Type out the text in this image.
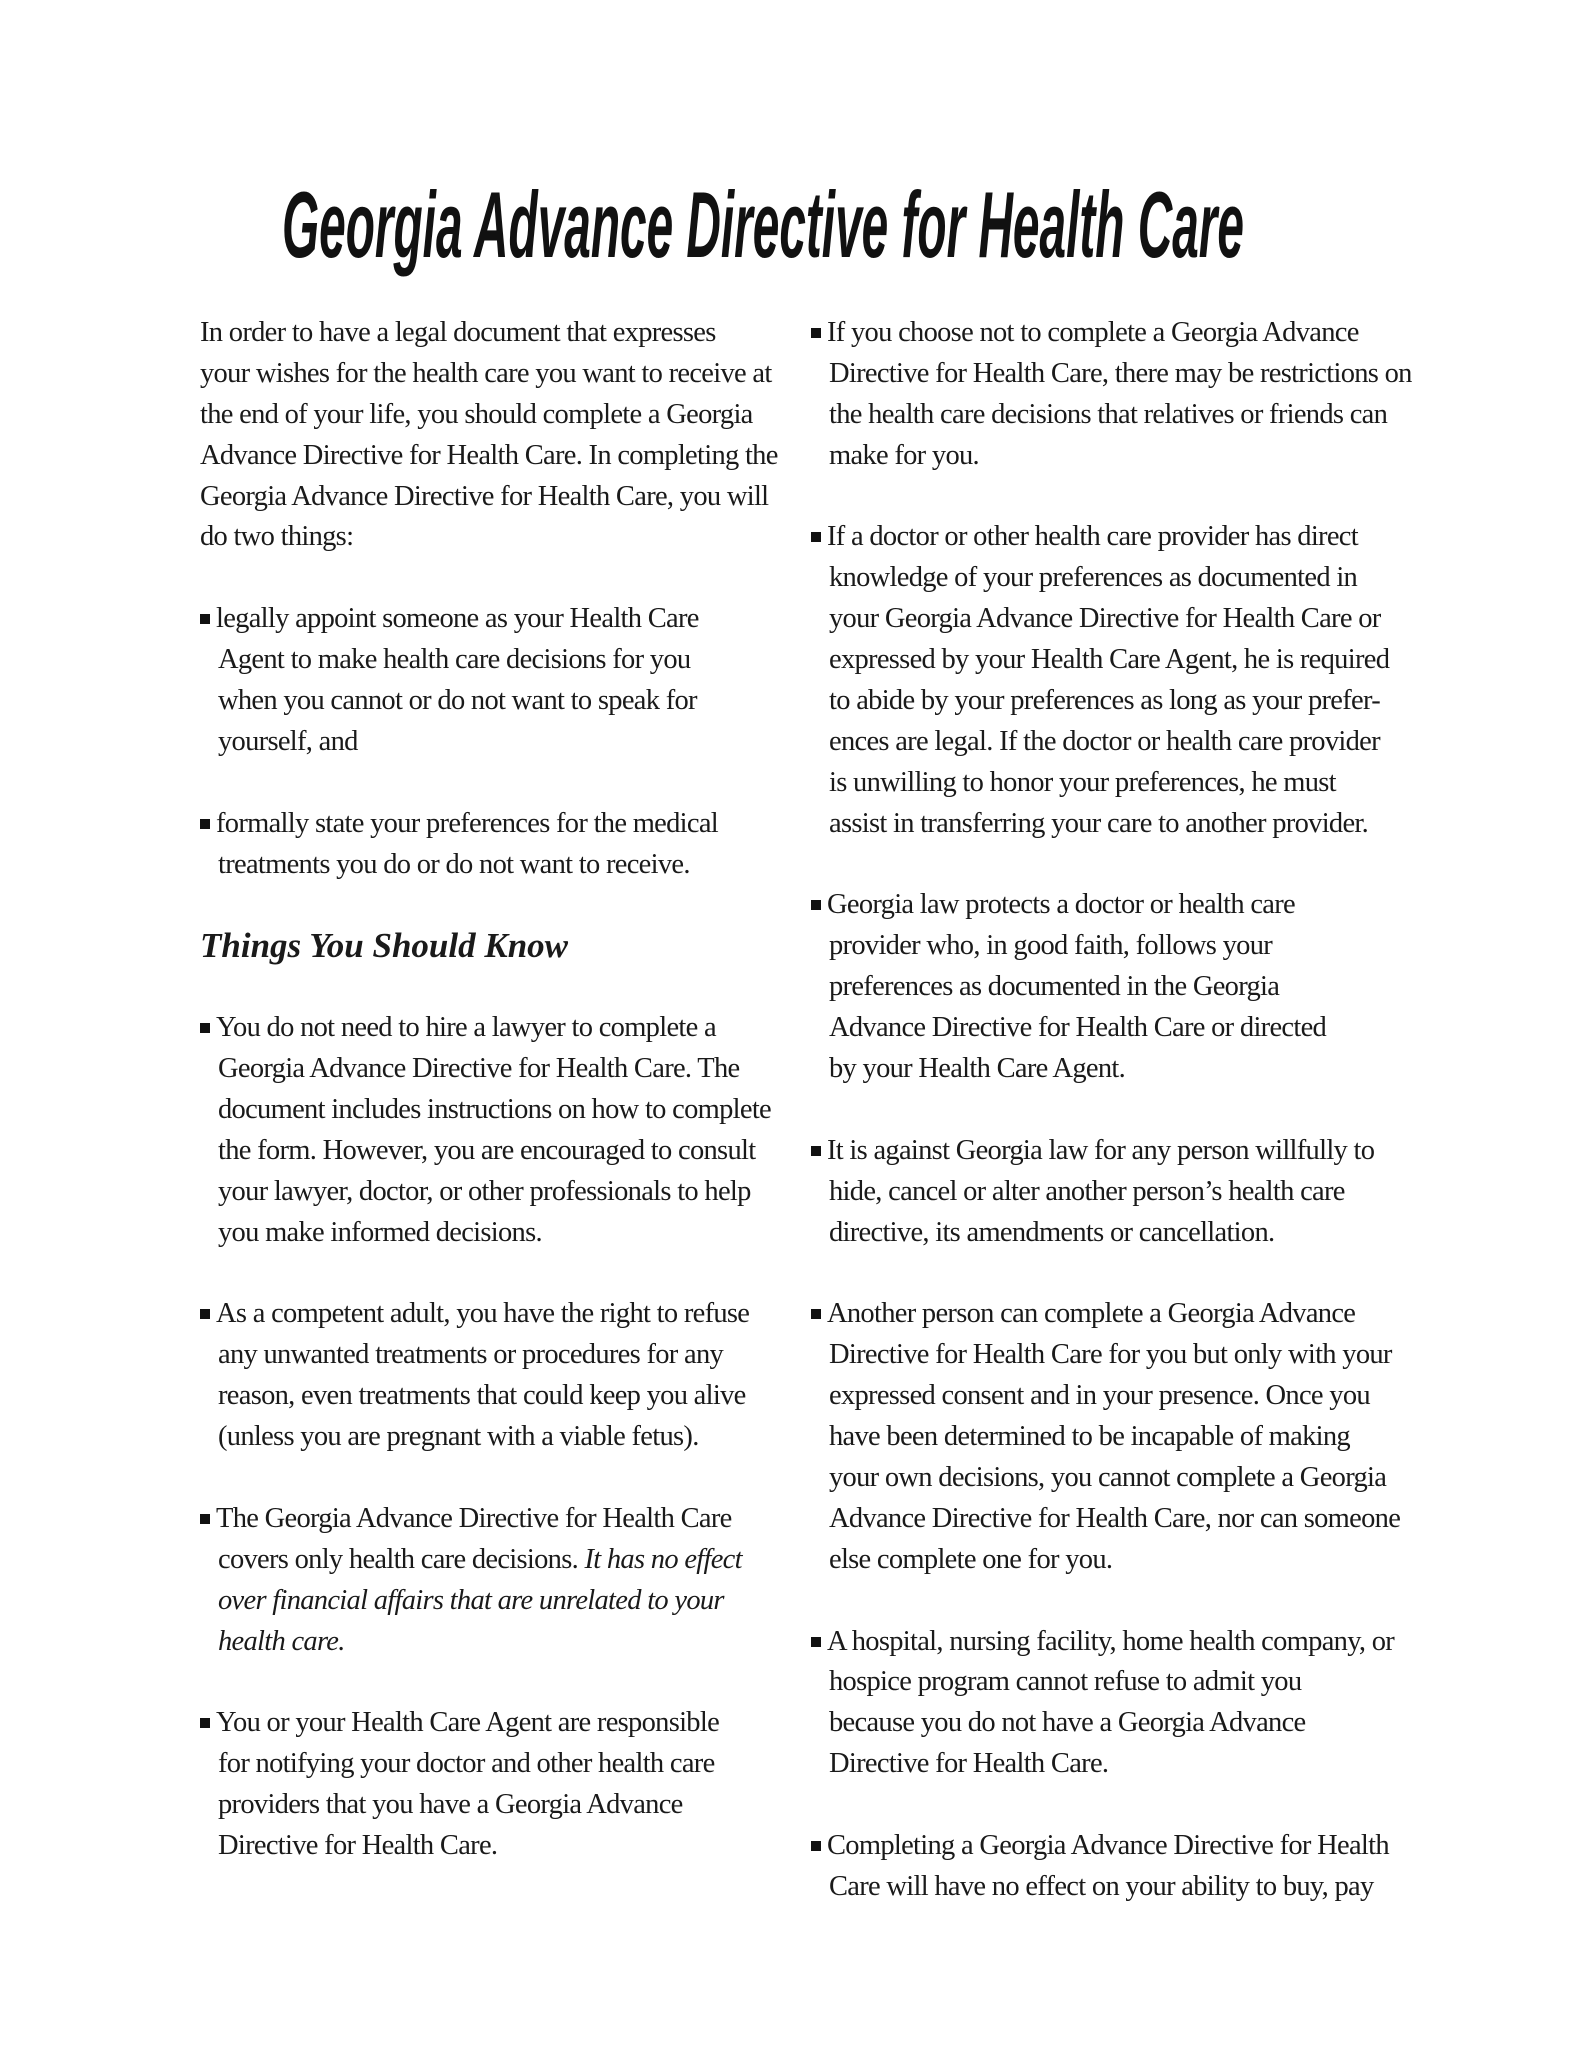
Georgia Advance Directive for Health Care
In order to have a legal document that expresses
your wishes for the health care you want to receive at
the end of your life, you should complete a Georgia
Advance Directive for Health Care. In completing the
Georgia Advance Directive for Health Care, you will
do two things:
legally appoint someone as your Health Care
Agent to make health care decisions for you
when you cannot or do not want to speak for
yourself, and
formally state your preferences for the medical
treatments you do or do not want to receive.
Things You Should Know
You do not need to hire a lawyer to complete a
Georgia Advance Directive for Health Care. The
document includes instructions on how to complete
the form. However, you are encouraged to consult
your lawyer, doctor, or other professionals to help
you make informed decisions.
As a competent adult, you have the right to refuse
any unwanted treatments or procedures for any
reason, even treatments that could keep you alive
(unless you are pregnant with a viable fetus).
The Georgia Advance Directive for Health Care
covers only health care decisions. It has no effect
over financial affairs that are unrelated to your
health care.
You or your Health Care Agent are responsible
for notifying your doctor and other health care
providers that you have a Georgia Advance
Directive for Health Care.
If you choose not to complete a Georgia Advance
Directive for Health Care, there may be restrictions on
the health care decisions that relatives or friends can
make for you.
If a doctor or other health care provider has direct
knowledge of your preferences as documented in
your Georgia Advance Directive for Health Care or
expressed by your Health Care Agent, he is required
to abide by your preferences as long as your prefer-
ences are legal. If the doctor or health care provider
is unwilling to honor your preferences, he must
assist in transferring your care to another provider.
Georgia law protects a doctor or health care
provider who, in good faith, follows your
preferences as documented in the Georgia
Advance Directive for Health Care or directed
by your Health Care Agent.
It is against Georgia law for any person willfully to
hide, cancel or alter another person’s health care
directive, its amendments or cancellation.
Another person can complete a Georgia Advance
Directive for Health Care for you but only with your
expressed consent and in your presence. Once you
have been determined to be incapable of making
your own decisions, you cannot complete a Georgia
Advance Directive for Health Care, nor can someone
else complete one for you.
A hospital, nursing facility, home health company, or
hospice program cannot refuse to admit you
because you do not have a Georgia Advance
Directive for Health Care.
Completing a Georgia Advance Directive for Health
Care will have no effect on your ability to buy, pay
